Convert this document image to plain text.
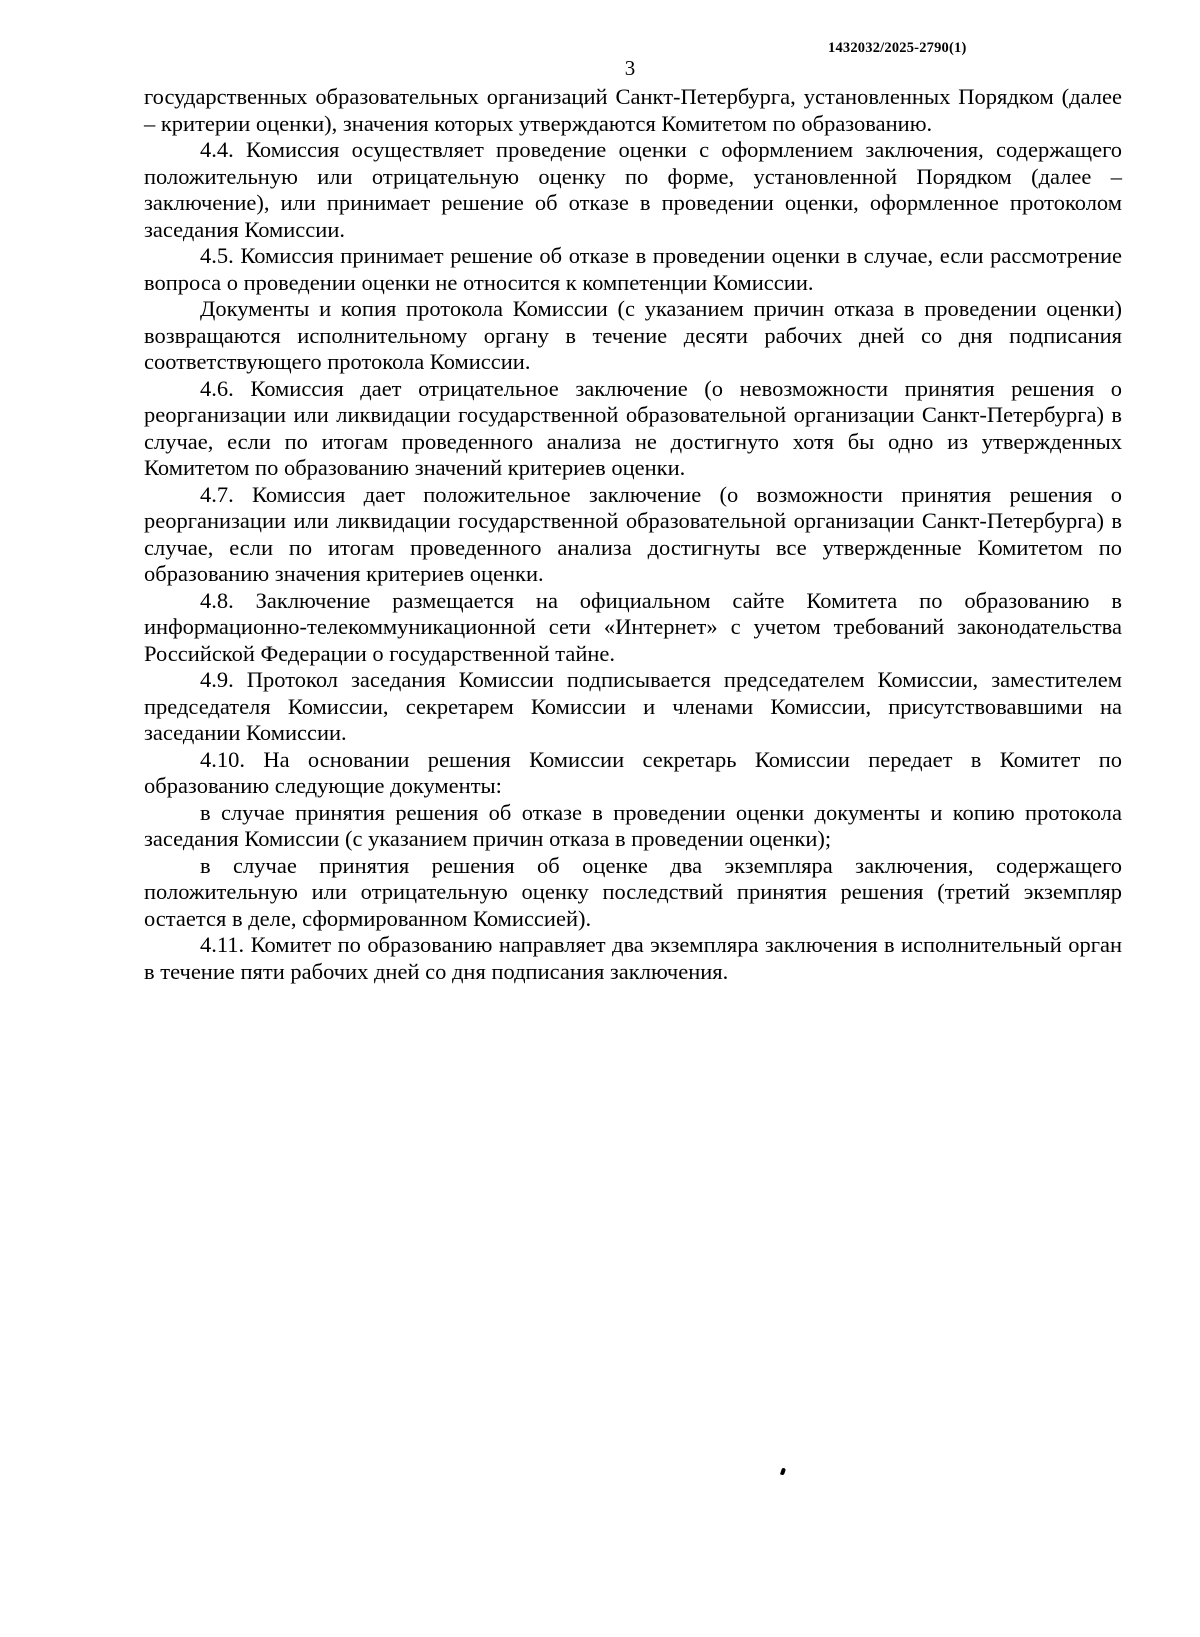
1432032/2025-2790(1)
3

государственных образовательных организаций Санкт-Петербурга, установленных Порядком (далее – критерии оценки), значения которых утверждаются Комитетом по образованию.

4.4. Комиссия осуществляет проведение оценки с оформлением заключения, содержащего положительную или отрицательную оценку по форме, установленной Порядком (далее – заключение), или принимает решение об отказе в проведении оценки, оформленное протоколом заседания Комиссии.

4.5. Комиссия принимает решение об отказе в проведении оценки в случае, если рассмотрение вопроса о проведении оценки не относится к компетенции Комиссии.

Документы и копия протокола Комиссии (с указанием причин отказа в проведении оценки) возвращаются исполнительному органу в течение десяти рабочих дней со дня подписания соответствующего протокола Комиссии.

4.6. Комиссия дает отрицательное заключение (о невозможности принятия решения о реорганизации или ликвидации государственной образовательной организации Санкт-Петербурга) в случае, если по итогам проведенного анализа не достигнуто хотя бы одно из утвержденных Комитетом по образованию значений критериев оценки.

4.7. Комиссия дает положительное заключение (о возможности принятия решения о реорганизации или ликвидации государственной образовательной организации Санкт-Петербурга) в случае, если по итогам проведенного анализа достигнуты все утвержденные Комитетом по образованию значения критериев оценки.

4.8. Заключение размещается на официальном сайте Комитета по образованию в информационно-телекоммуникационной сети «Интернет» с учетом требований законодательства Российской Федерации о государственной тайне.

4.9. Протокол заседания Комиссии подписывается председателем Комиссии, заместителем председателя Комиссии, секретарем Комиссии и членами Комиссии, присутствовавшими на заседании Комиссии.

4.10. На основании решения Комиссии секретарь Комиссии передает в Комитет по образованию следующие документы:

в случае принятия решения об отказе в проведении оценки документы и копию протокола заседания Комиссии (с указанием причин отказа в проведении оценки);

в случае принятия решения об оценке два экземпляра заключения, содержащего положительную или отрицательную оценку последствий принятия решения (третий экземпляр остается в деле, сформированном Комиссией).

4.11. Комитет по образованию направляет два экземпляра заключения в исполнительный орган в течение пяти рабочих дней со дня подписания заключения.
